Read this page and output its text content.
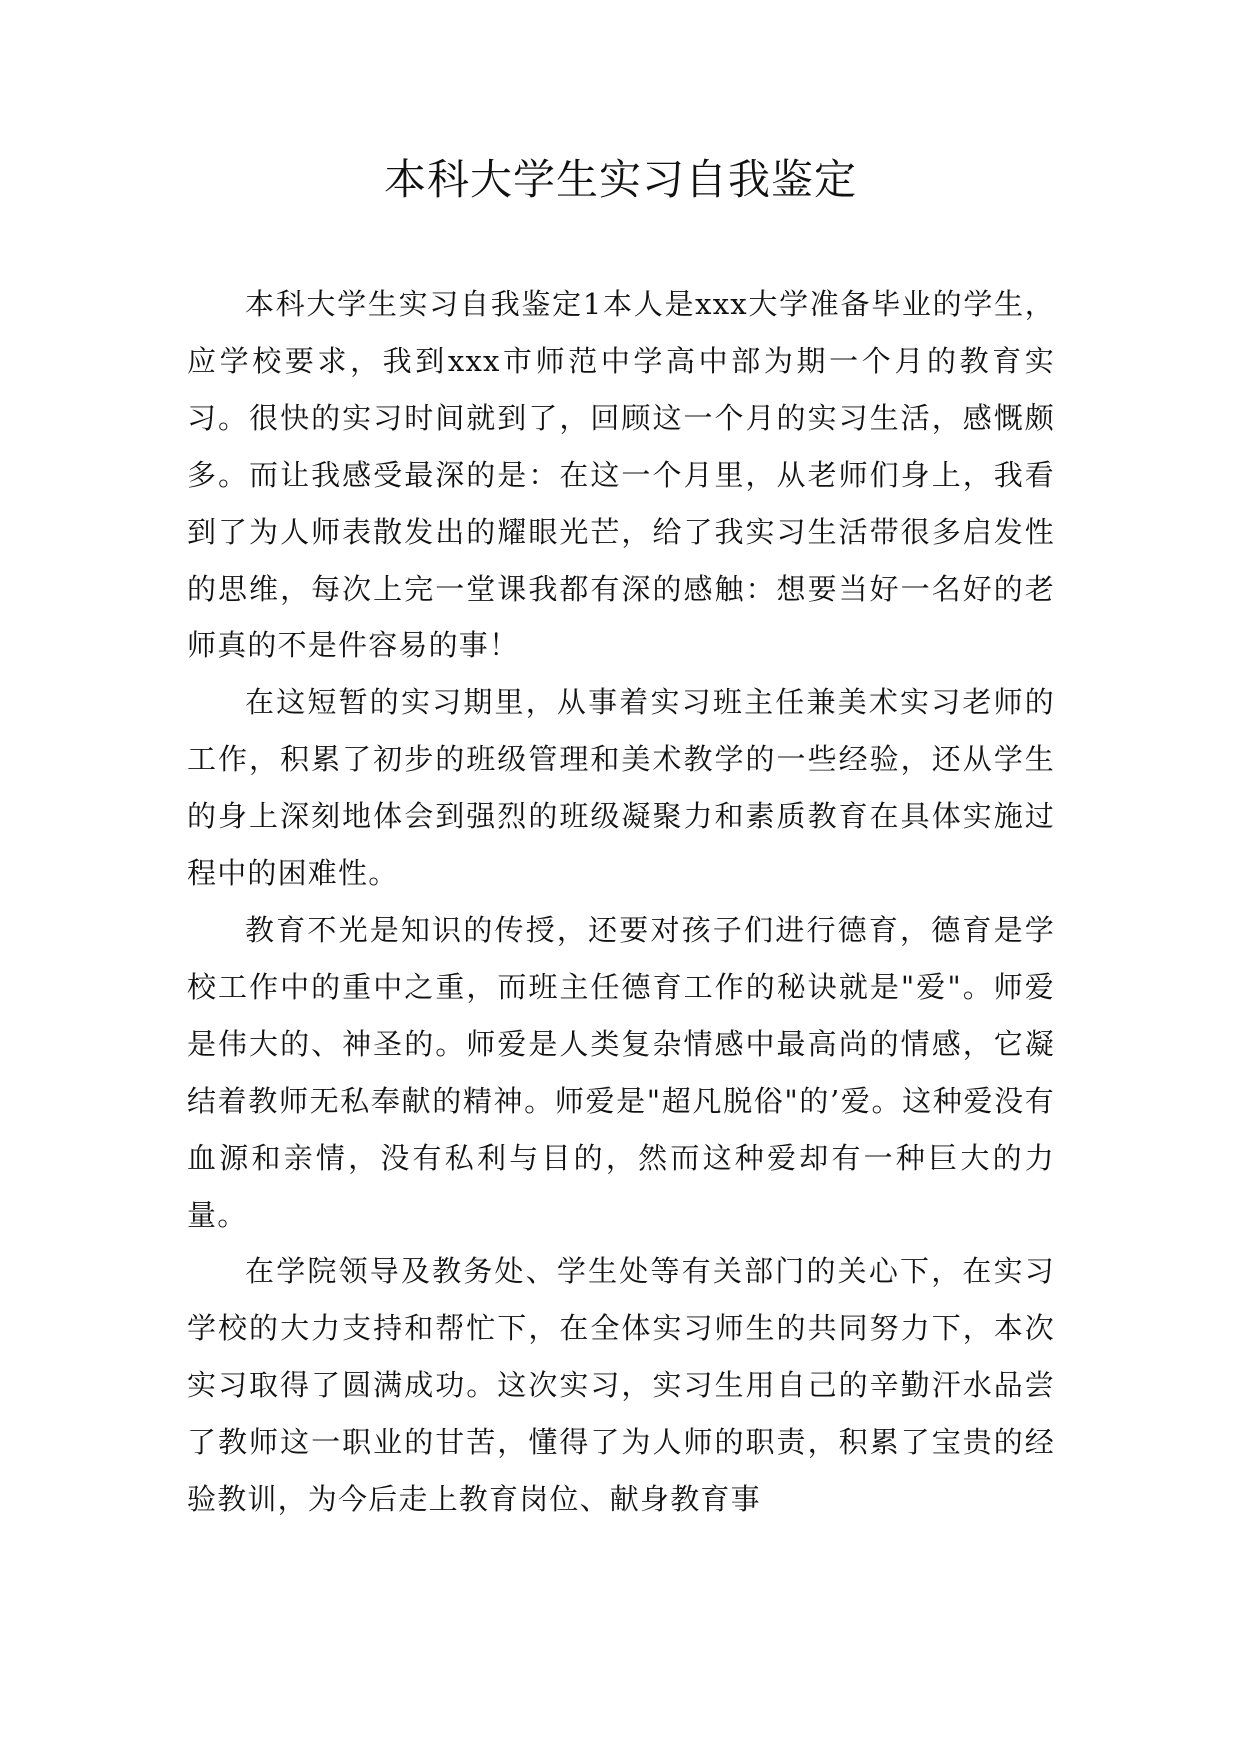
本科大学生实习自我鉴定

本科大学生实习自我鉴定1本人是xxx大学准备毕业的学生，应学校要求，我到xxx市师范中学高中部为期一个月的教育实习。很快的实习时间就到了，回顾这一个月的实习生活，感慨颇多。而让我感受最深的是：在这一个月里，从老师们身上，我看到了为人师表散发出的耀眼光芒，给了我实习生活带很多启发性的思维，每次上完一堂课我都有深的感触：想要当好一名好的老师真的不是件容易的事！

在这短暂的实习期里，从事着实习班主任兼美术实习老师的工作，积累了初步的班级管理和美术教学的一些经验，还从学生的身上深刻地体会到强烈的班级凝聚力和素质教育在具体实施过程中的困难性。

教育不光是知识的传授，还要对孩子们进行德育，德育是学校工作中的重中之重，而班主任德育工作的秘诀就是"爱"。师爱是伟大的、神圣的。师爱是人类复杂情感中最高尚的情感，它凝结着教师无私奉献的精神。师爱是"超凡脱俗"的’爱。这种爱没有血源和亲情，没有私利与目的，然而这种爱却有一种巨大的力量。

在学院领导及教务处、学生处等有关部门的关心下，在实习学校的大力支持和帮忙下，在全体实习师生的共同努力下，本次实习取得了圆满成功。这次实习，实习生用自己的辛勤汗水品尝了教师这一职业的甘苦，懂得了为人师的职责，积累了宝贵的经验教训，为今后走上教育岗位、献身教育事
